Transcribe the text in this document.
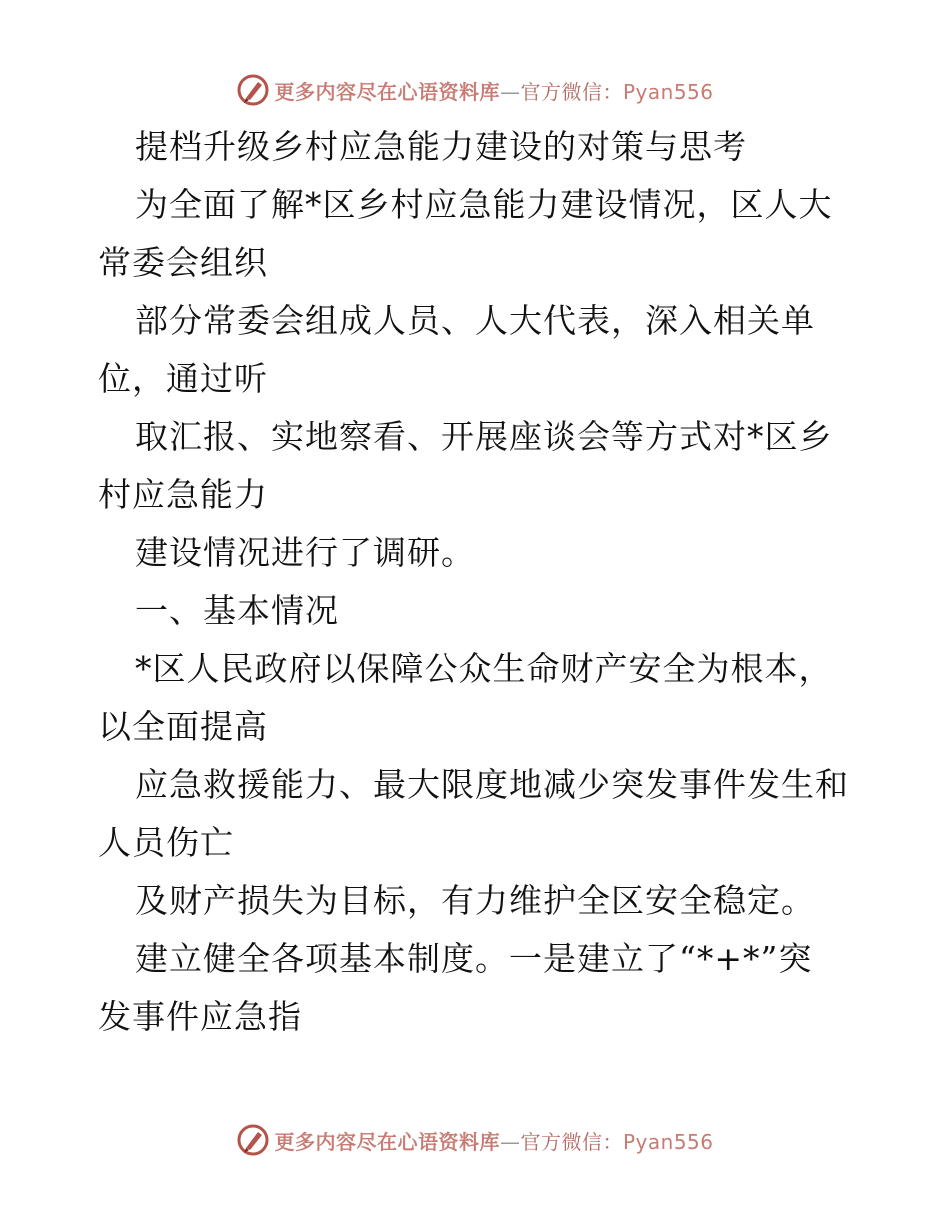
更多内容尽在心语资料库—官方微信：Pyan556
提档升级乡村应急能力建设的对策与思考
为全面了解*区乡村应急能力建设情况，区人大
常委会组织
部分常委会组成人员、人大代表，深入相关单
位，通过听
取汇报、实地察看、开展座谈会等方式对*区乡
村应急能力
建设情况进行了调研。
一、基本情况
*区人民政府以保障公众生命财产安全为根本，
以全面提高
应急救援能力、最大限度地减少突发事件发生和
人员伤亡
及财产损失为目标，有力维护全区安全稳定。
建立健全各项基本制度。一是建立了“*+*”突
发事件应急指
更多内容尽在心语资料库—官方微信：Pyan556
